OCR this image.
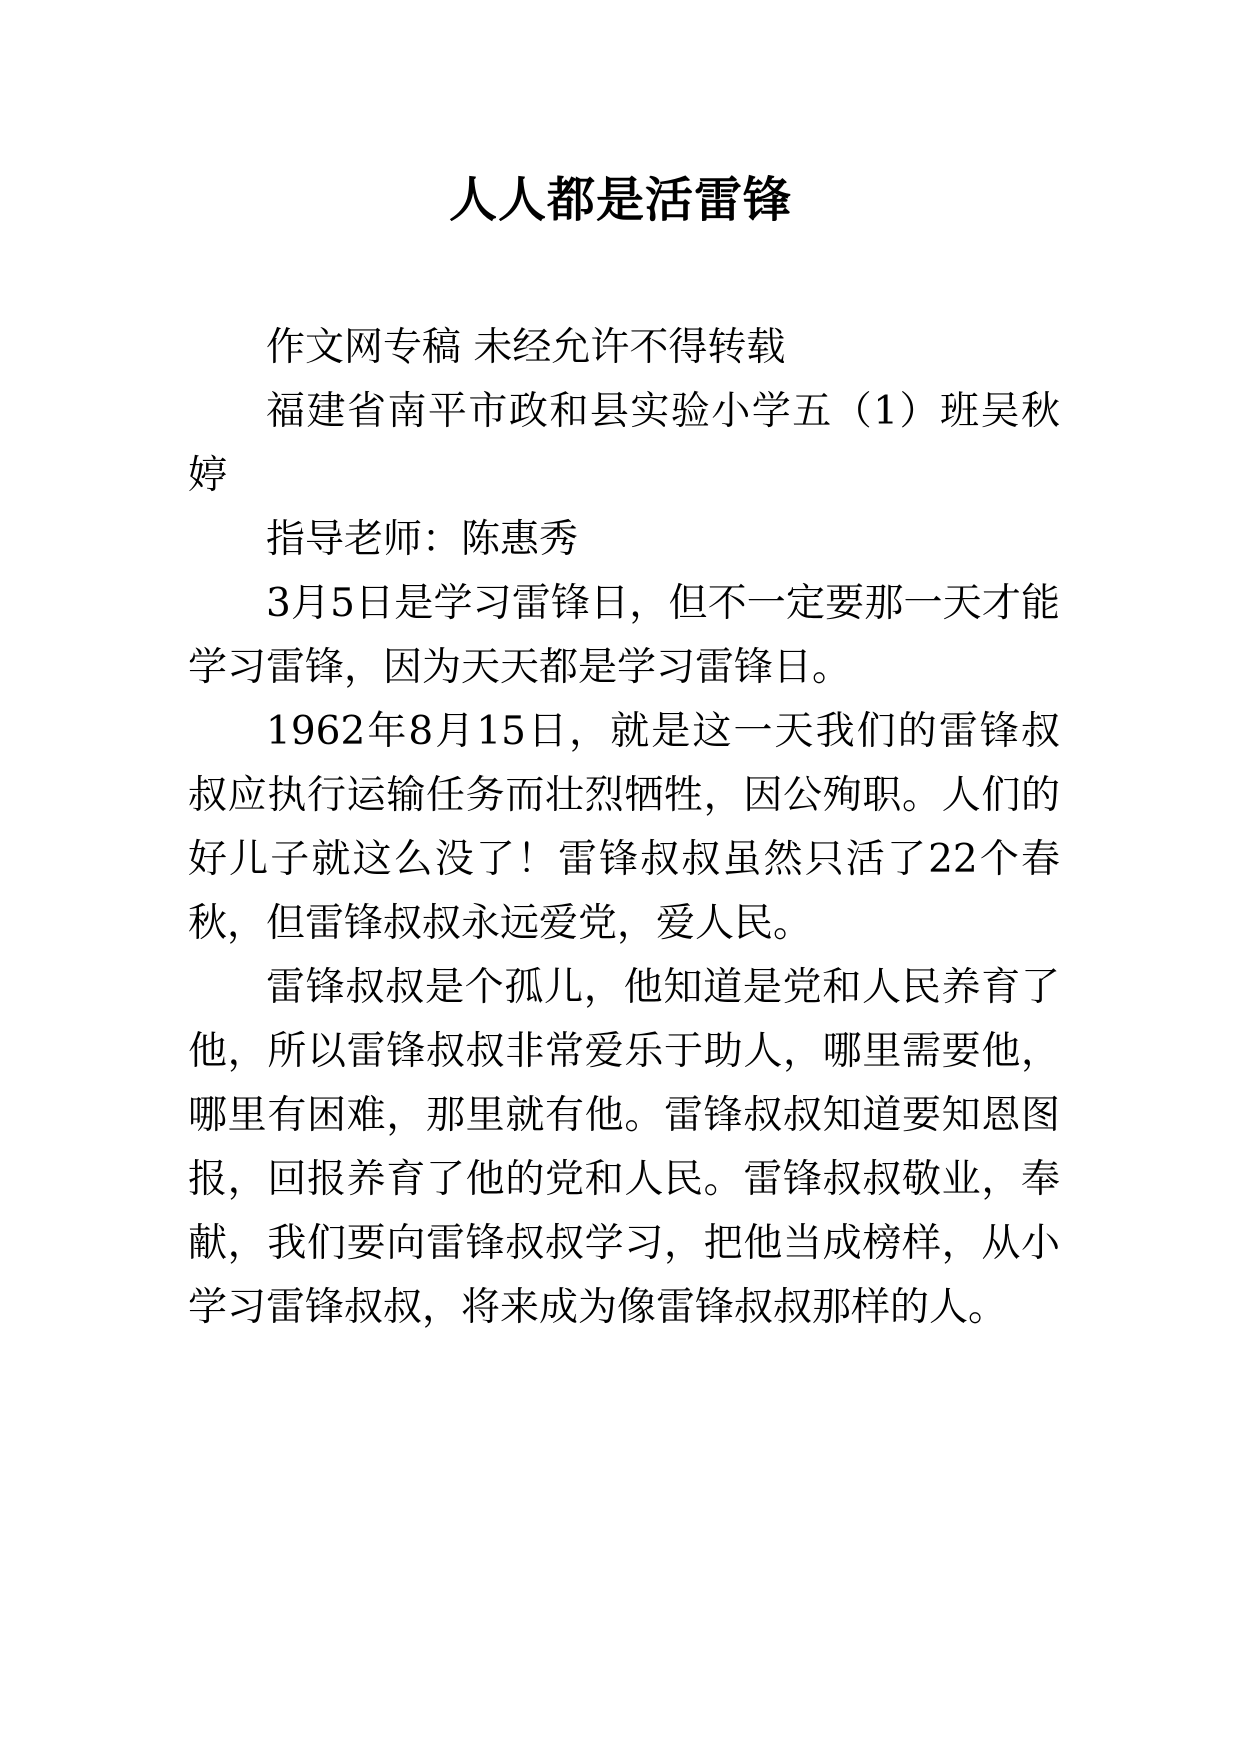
人人都是活雷锋

作文网专稿 未经允许不得转载

福建省南平市政和县实验小学五（1）班吴秋婷

指导老师：陈惠秀

3月5日是学习雷锋日，但不一定要那一天才能学习雷锋，因为天天都是学习雷锋日。

1962年8月15日，就是这一天我们的雷锋叔叔应执行运输任务而壮烈牺牲，因公殉职。人们的好儿子就这么没了！雷锋叔叔虽然只活了22个春秋，但雷锋叔叔永远爱党，爱人民。

雷锋叔叔是个孤儿，他知道是党和人民养育了他，所以雷锋叔叔非常爱乐于助人，哪里需要他，哪里有困难，那里就有他。雷锋叔叔知道要知恩图报，回报养育了他的党和人民。雷锋叔叔敬业，奉献，我们要向雷锋叔叔学习，把他当成榜样，从小学习雷锋叔叔，将来成为像雷锋叔叔那样的人。
